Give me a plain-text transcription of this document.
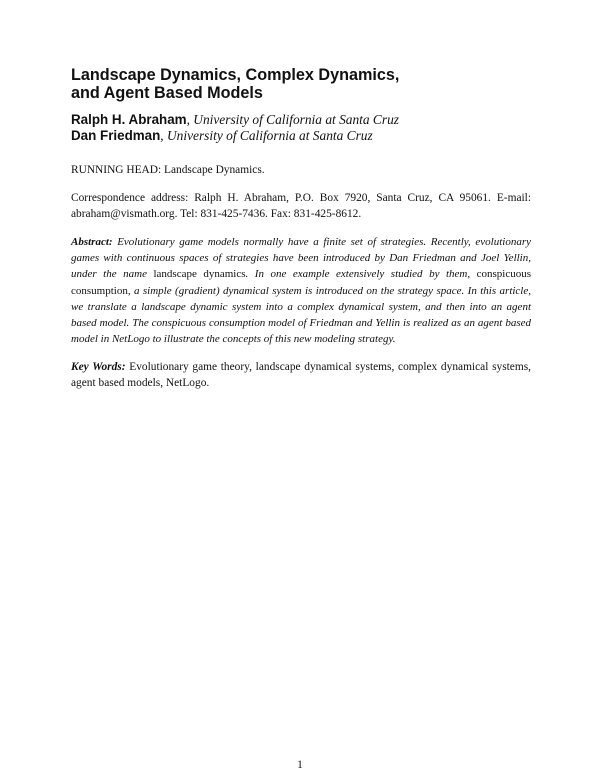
Landscape Dynamics, Complex Dynamics,
and Agent Based Models
Ralph H. Abraham, University of California at Santa Cruz
Dan Friedman, University of California at Santa Cruz

RUNNING HEAD: Landscape Dynamics.

Correspondence address: Ralph H. Abraham, P.O. Box 7920, Santa Cruz, CA 95061. E-mail: abraham@vismath.org. Tel: 831-425-7436. Fax: 831-425-8612.

Abstract: Evolutionary game models normally have a finite set of strategies. Recently, evolutionary games with continuous spaces of strategies have been introduced by Dan Friedman and Joel Yellin, under the name landscape dynamics. In one example extensively studied by them, conspicuous consumption, a simple (gradient) dynamical system is introduced on the strategy space. In this article, we translate a landscape dynamic system into a complex dynamical system, and then into an agent based model. The conspicuous consumption model of Friedman and Yellin is realized as an agent based model in NetLogo to illustrate the concepts of this new modeling strategy.

Key Words: Evolutionary game theory, landscape dynamical systems, complex dynamical systems, agent based models, NetLogo.

1
